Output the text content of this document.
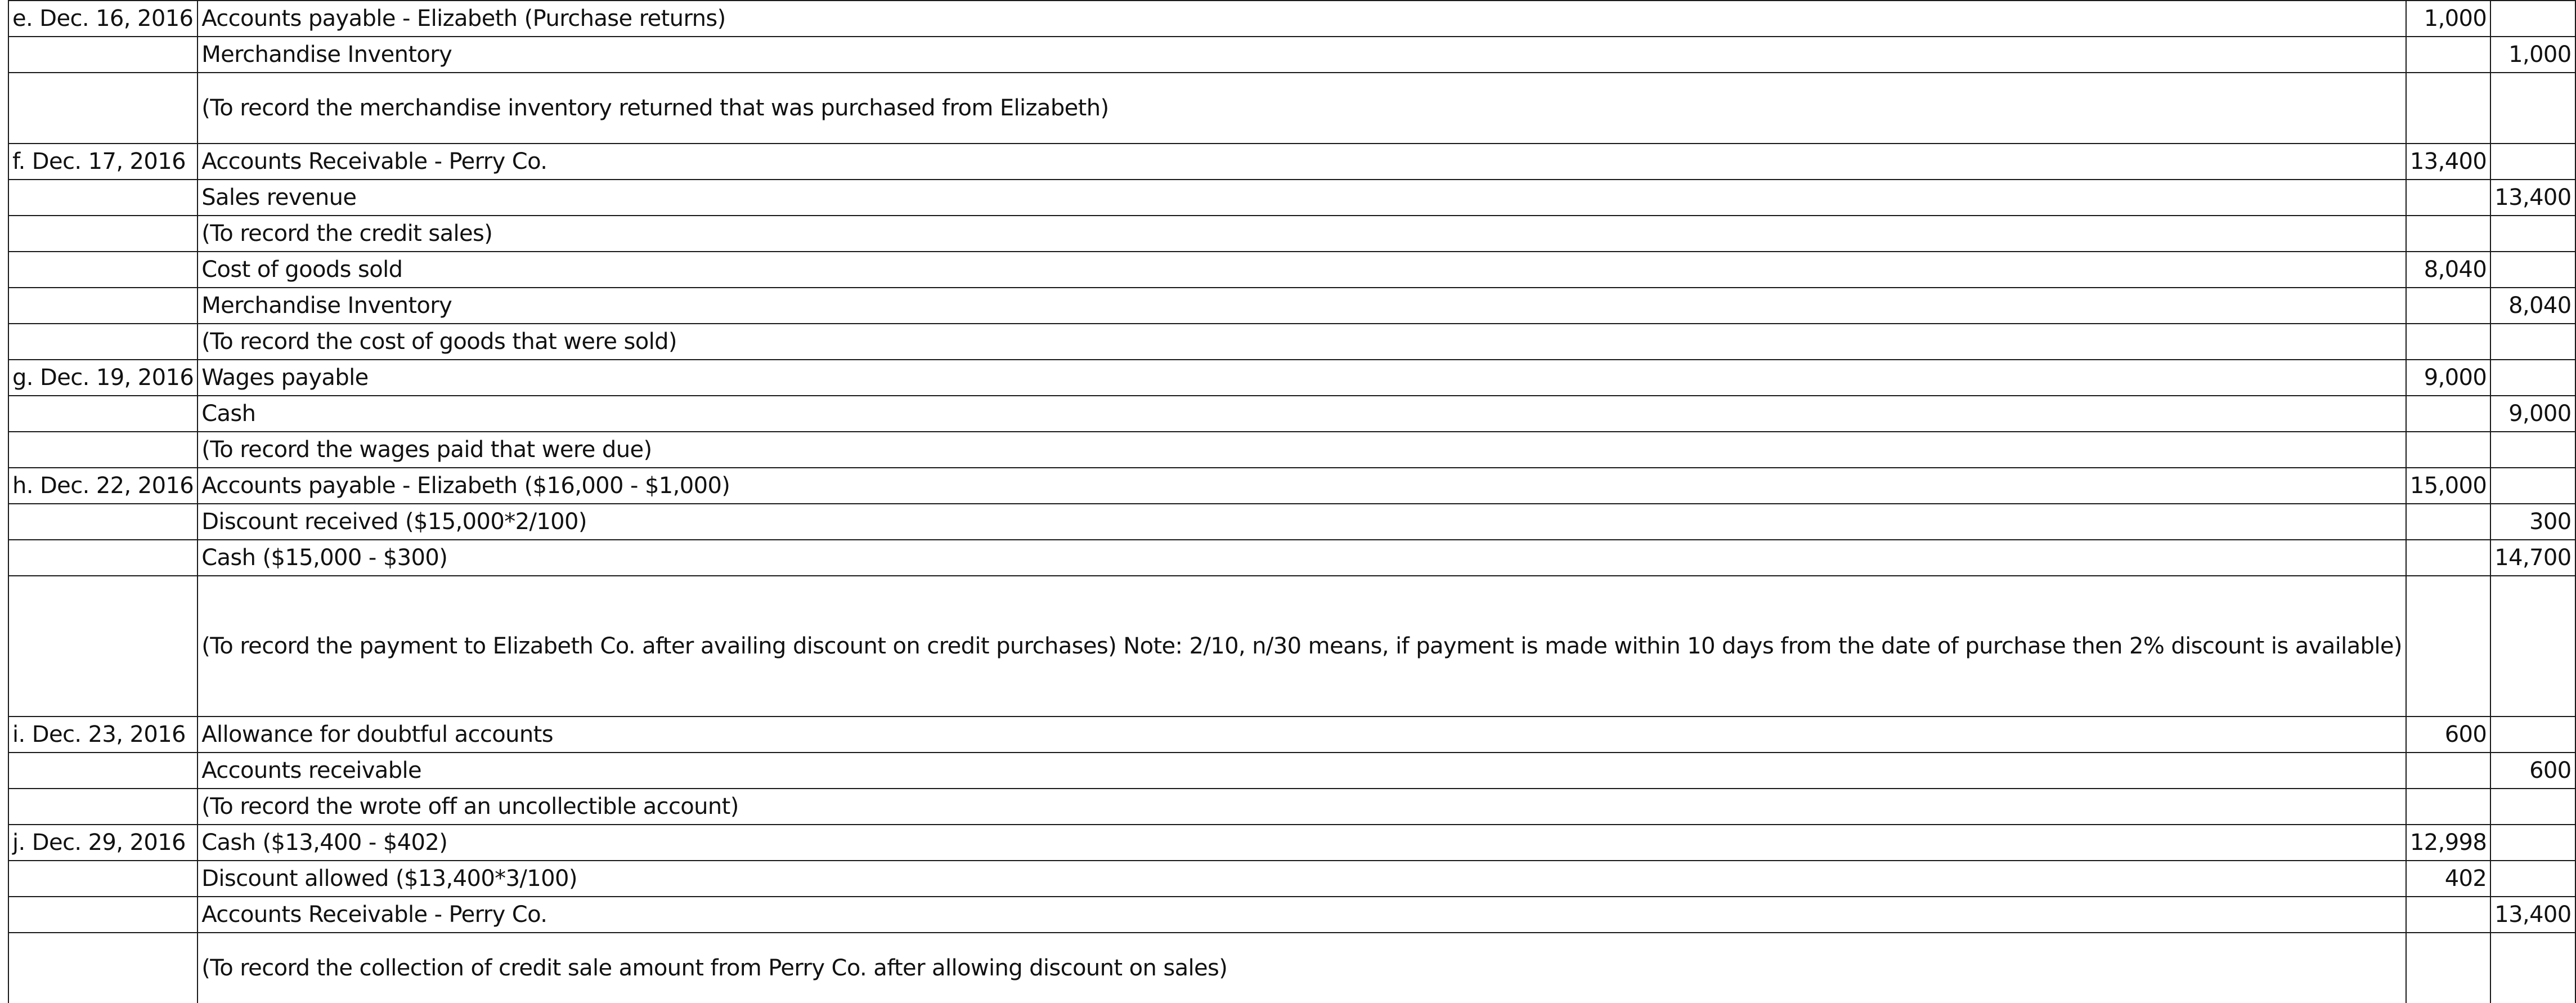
e. Dec. 16, 2016	Accounts payable - Elizabeth (Purchase returns)	1,000	
	Merchandise Inventory		1,000
	(To record the merchandise inventory returned that was purchased from Elizabeth)		
f. Dec. 17, 2016	Accounts Receivable - Perry Co.	13,400	
	Sales revenue		13,400
	(To record the credit sales)		
	Cost of goods sold	8,040	
	Merchandise Inventory		8,040
	(To record the cost of goods that were sold)		
g. Dec. 19, 2016	Wages payable	9,000	
	Cash		9,000
	(To record the wages paid that were due)		
h. Dec. 22, 2016	Accounts payable - Elizabeth ($16,000 - $1,000)	15,000	
	Discount received ($15,000*2/100)		300
	Cash ($15,000 - $300)		14,700
	(To record the payment to Elizabeth Co. after availing discount on credit purchases) Note: 2/10, n/30 means, if payment is made within 10 days from the date of purchase then 2% discount is available)		
i. Dec. 23, 2016	Allowance for doubtful accounts	600	
	Accounts receivable		600
	(To record the wrote off an uncollectible account)		
j. Dec. 29, 2016	Cash ($13,400 - $402)	12,998	
	Discount allowed ($13,400*3/100)	402	
	Accounts Receivable - Perry Co.		13,400
	(To record the collection of credit sale amount from Perry Co. after allowing discount on sales)		
